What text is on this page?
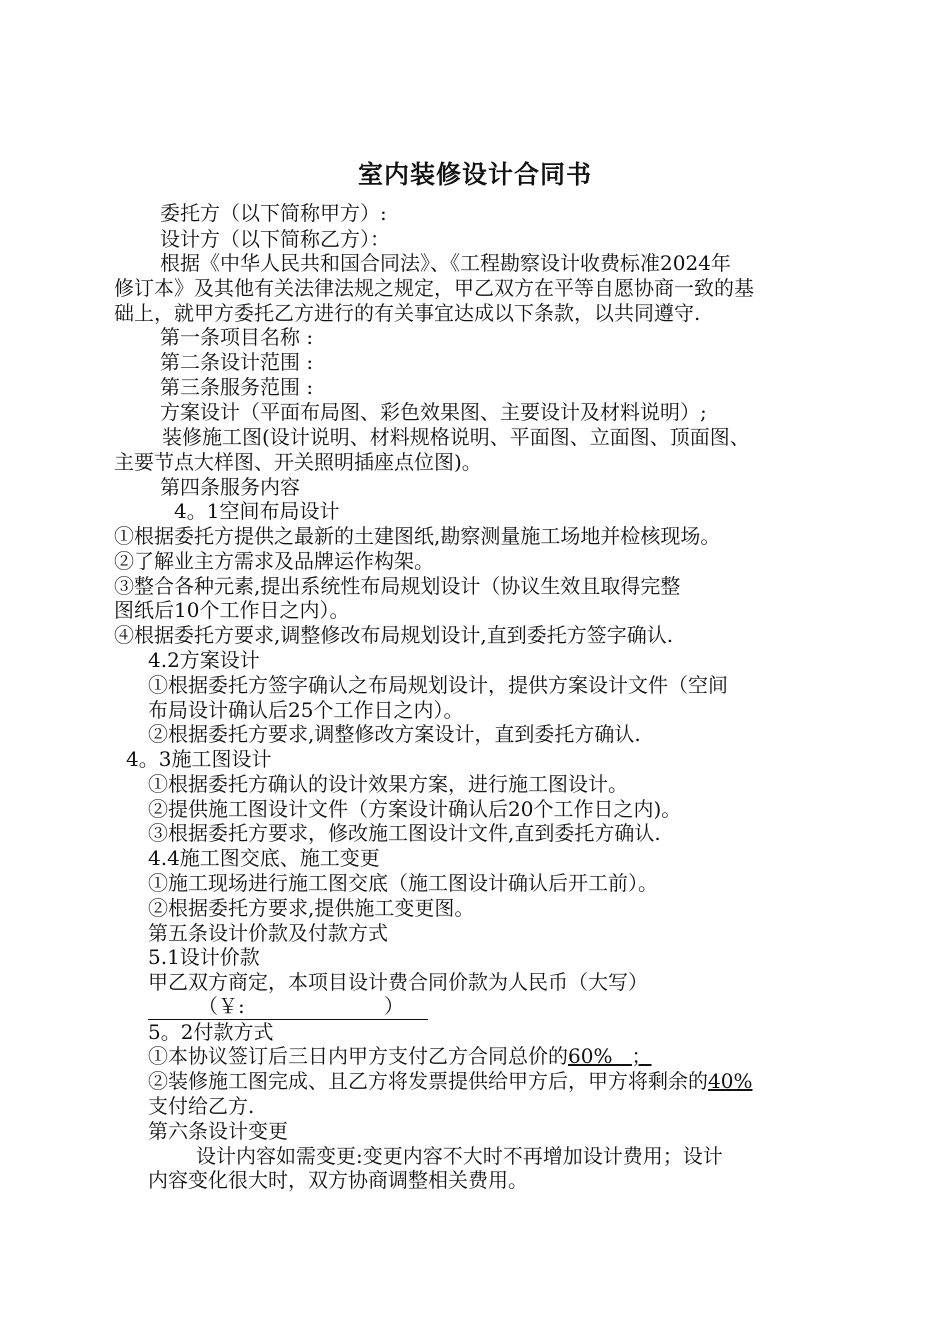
室内装修设计合同书

委托方（以下简称甲方）:

设计方（以下简称乙方）：

根据《中华人民共和国合同法》、《工程勘察设计收费标准2024年

修订本》及其他有关法律法规之规定，甲乙双方在平等自愿协商一致的基

础上，就甲方委托乙方进行的有关事宜达成以下条款，以共同遵守.

第一条项目名称 :

第二条设计范围 :

第三条服务范围 :

方案设计（平面布局图、彩色效果图、主要设计及材料说明）;

装修施工图(设计说明、材料规格说明、平面图、立面图、顶面图、

主要节点大样图、开关照明插座点位图)。

第四条服务内容

4。1空间布局设计

①根据委托方提供之最新的土建图纸,勘察测量施工场地并检核现场。

②了解业主方需求及品牌运作构架。

③整合各种元素,提出系统性布局规划设计（协议生效且取得完整

图纸后10个工作日之内）。

④根据委托方要求,调整修改布局规划设计,直到委托方签字确认.

4.2方案设计

①根据委托方签字确认之布局规划设计，提供方案设计文件（空间

布局设计确认后25个工作日之内）。

②根据委托方要求,调整修改方案设计，直到委托方确认.

4。3施工图设计

①根据委托方确认的设计效果方案，进行施工图设计。

②提供施工图设计文件（方案设计确认后20个工作日之内)。

③根据委托方要求，修改施工图设计文件,直到委托方确认.

4.4施工图交底、施工变更

①施工现场进行施工图交底（施工图设计确认后开工前）。

②根据委托方要求,提供施工变更图。

第五条设计价款及付款方式

5.1设计价款

甲乙双方商定，本项目设计费合同价款为人民币（大写）

（￥:	）

5。2付款方式

①本协议签订后三日内甲方支付乙方合同总价的60% ；

②装修施工图完成、且乙方将发票提供给甲方后，甲方将剩余的40%

支付给乙方.

第六条设计变更

设计内容如需变更:变更内容不大时不再增加设计费用；设计

内容变化很大时，双方协商调整相关费用。
